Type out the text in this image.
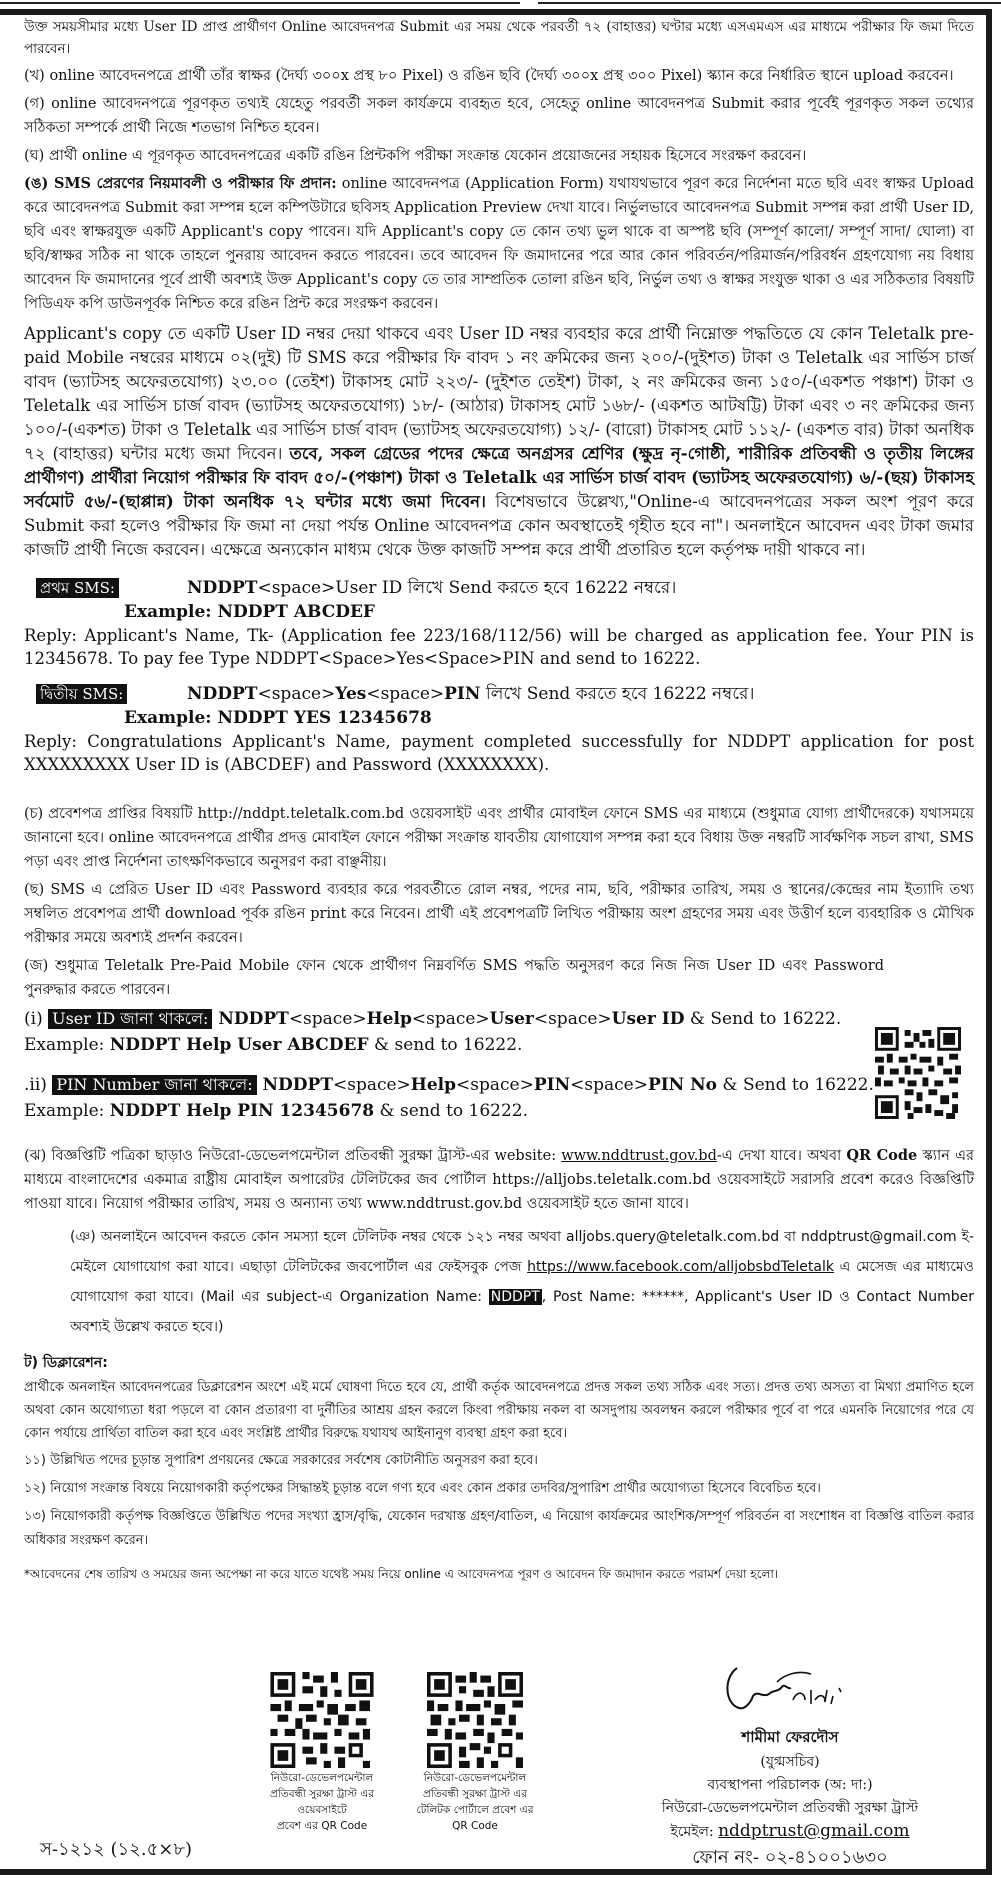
উক্ত সময়সীমার মধ্যে User ID প্রাপ্ত প্রার্থীগণ Online আবেদনপত্র Submit এর সময় থেকে পরবর্তী ৭২ (বাহাত্তর) ঘণ্টার মধ্যে এসএমএস এর মাধ্যমে পরীক্ষার ফি জমা দিতে পারবেন।

(খ) online আবেদনপত্রে প্রার্থী তাঁর স্বাক্ষর (দৈর্ঘ্য ৩০০x প্রস্থ ৮০ Pixel) ও রঙিন ছবি (দৈর্ঘ্য ৩০০x প্রস্থ ৩০০ Pixel) স্ক্যান করে নির্ধারিত স্থানে upload করবেন।

(গ) online আবেদনপত্রে পূরণকৃত তথ্যই যেহেতু পরবর্তী সকল কার্যক্রমে ব্যবহৃত হবে, সেহেতু online আবেদনপত্র Submit করার পূর্বেই পূরণকৃত সকল তথ্যের সঠিকতা সম্পর্কে প্রার্থী নিজে শতভাগ নিশ্চিত হবেন।

(ঘ) প্রার্থী online এ পূরণকৃত আবেদনপত্রের একটি রঙিন প্রিন্টকপি পরীক্ষা সংক্রান্ত যেকোন প্রয়োজনের সহায়ক হিসেবে সংরক্ষণ করবেন।

(ঙ) SMS প্রেরণের নিয়মাবলী ও পরীক্ষার ফি প্রদান: online আবেদনপত্র (Application Form) যথাযথভাবে পূরণ করে নির্দেশনা মতে ছবি এবং স্বাক্ষর Upload করে আবেদনপত্র Submit করা সম্পন্ন হলে কম্পিউটারে ছবিসহ Application Preview দেখা যাবে। নির্ভুলভাবে আবেদনপত্র Submit সম্পন্ন করা প্রার্থী User ID, ছবি এবং স্বাক্ষরযুক্ত একটি Applicant's copy পাবেন। যদি Applicant's copy তে কোন তথ্য ভুল থাকে বা অস্পষ্ট ছবি (সম্পূর্ণ কালো/ সম্পূর্ণ সাদা/ ঘোলা) বা ছবি/স্বাক্ষর সঠিক না থাকে তাহলে পুনরায় আবেদন করতে পারবেন। তবে আবেদন ফি জমাদানের পরে আর কোন পরিবর্তন/পরিমার্জন/পরিবর্ধন গ্রহণযোগ্য নয় বিধায় আবেদন ফি জমাদানের পূর্বে প্রার্থী অবশ্যই উক্ত Applicant's copy তে তার সাম্প্রতিক তোলা রঙিন ছবি, নির্ভুল তথ্য ও স্বাক্ষর সংযুক্ত থাকা ও এর সঠিকতার বিষয়টি পিডিএফ কপি ডাউনপূর্বক নিশ্চিত করে রঙিন প্রিন্ট করে সংরক্ষণ করবেন।

Applicant's copy তে একটি User ID নম্বর দেয়া থাকবে এবং User ID নম্বর ব্যবহার করে প্রার্থী নিম্নোক্ত পদ্ধতিতে যে কোন Teletalk pre-paid Mobile নম্বরের মাধ্যমে ০২(দুই) টি SMS করে পরীক্ষার ফি বাবদ ১ নং ক্রমিকের জন্য ২০০/-(দুইশত) টাকা ও Teletalk এর সার্ভিস চার্জ বাবদ (ভ্যাটসহ অফেরতযোগ্য) ২৩.০০ (তেইশ) টাকাসহ মোট ২২৩/- (দুইশত তেইশ) টাকা, ২ নং ক্রমিকের জন্য ১৫০/-(একশত পঞ্চাশ) টাকা ও Teletalk এর সার্ভিস চার্জ বাবদ (ভ্যাটসহ অফেরতযোগ্য) ১৮/- (আঠার) টাকাসহ মোট ১৬৮/- (একশত আটষট্টি) টাকা এবং ৩ নং ক্রমিকের জন্য ১০০/-(একশত) টাকা ও Teletalk এর সার্ভিস চার্জ বাবদ (ভ্যাটসহ অফেরতযোগ্য) ১২/- (বারো) টাকাসহ মোট ১১২/- (একশত বার) টাকা অনধিক ৭২ (বাহাত্তর) ঘন্টার মধ্যে জমা দিবেন। তবে, সকল গ্রেডের পদের ক্ষেত্রে অনগ্রসর শ্রেণির (ক্ষুদ্র নৃ-গোষ্ঠী, শারীরিক প্রতিবন্ধী ও তৃতীয় লিঙ্গের প্রার্থীগণ) প্রার্থীরা নিয়োগ পরীক্ষার ফি বাবদ ৫০/-(পঞ্চাশ) টাকা ও Teletalk এর সার্ভিস চার্জ বাবদ (ভ্যাটসহ অফেরতযোগ্য) ৬/-(ছয়) টাকাসহ সর্বমোট ৫৬/-(ছাপ্পান্ন) টাকা অনধিক ৭২ ঘন্টার মধ্যে জমা দিবেন। বিশেষভাবে উল্লেখ্য,"Online-এ আবেদনপত্রের সকল অংশ পূরণ করে Submit করা হলেও পরীক্ষার ফি জমা না দেয়া পর্যন্ত Online আবেদনপত্র কোন অবস্থাতেই গৃহীত হবে না"। অনলাইনে আবেদন এবং টাকা জমার কাজটি প্রার্থী নিজে করবেন। এক্ষেত্রে অন্যকোন মাধ্যম থেকে উক্ত কাজটি সম্পন্ন করে প্রার্থী প্রতারিত হলে কর্তৃপক্ষ দায়ী থাকবে না।

প্রথম SMS:	NDDPT<space>User ID লিখে Send করতে হবে 16222 নম্বরে।

Example: NDDPT ABCDEF

Reply: Applicant's Name, Tk- (Application fee 223/168/112/56) will be charged as application fee. Your PIN is 12345678. To pay fee Type NDDPT<Space>Yes<Space>PIN and send to 16222.

দ্বিতীয় SMS:	NDDPT<space>Yes<space>PIN লিখে Send করতে হবে 16222 নম্বরে।

Example: NDDPT YES 12345678

Reply: Congratulations Applicant's Name, payment completed successfully for NDDPT application for post XXXXXXXXX User ID is (ABCDEF) and Password (XXXXXXXX).

(চ) প্রবেশপত্র প্রাপ্তির বিষয়টি http://nddpt.teletalk.com.bd ওয়েবসাইট এবং প্রার্থীর মোবাইল ফোনে SMS এর মাধ্যমে (শুধুমাত্র যোগ্য প্রার্থীদেরকে) যথাসময়ে জানানো হবে। online আবেদনপত্রে প্রার্থীর প্রদত্ত মোবাইল ফোনে পরীক্ষা সংক্রান্ত যাবতীয় যোগাযোগ সম্পন্ন করা হবে বিধায় উক্ত নম্বরটি সার্বক্ষণিক সচল রাখা, SMS পড়া এবং প্রাপ্ত নির্দেশনা তাৎক্ষণিকভাবে অনুসরণ করা বাঞ্ছনীয়।

(ছ) SMS এ প্রেরিত User ID এবং Password ব্যবহার করে পরবর্তীতে রোল নম্বর, পদের নাম, ছবি, পরীক্ষার তারিখ, সময় ও স্থানের/কেন্দ্রের নাম ইত্যাদি তথ্য সম্বলিত প্রবেশপত্র প্রার্থী download পূর্বক রঙিন print করে নিবেন। প্রার্থী এই প্রবেশপত্রটি লিখিত পরীক্ষায় অংশ গ্রহণের সময় এবং উত্তীর্ণ হলে ব্যবহারিক ও মৌখিক পরীক্ষার সময়ে অবশ্যই প্রদর্শন করবেন।

(জ) শুধুমাত্র Teletalk Pre-Paid Mobile ফোন থেকে প্রার্থীগণ নিম্নবর্ণিত SMS পদ্ধতি অনুসরণ করে নিজ নিজ User ID এবং Password পুনরুদ্ধার করতে পারবেন।

(i) User ID জানা থাকলে: NDDPT<space>Help<space>User<space>User ID & Send to 16222.

Example: NDDPT Help User ABCDEF & send to 16222.

.ii) PIN Number জানা থাকলে: NDDPT<space>Help<space>PIN<space>PIN No & Send to 16222.

Example: NDDPT Help PIN 12345678 & send to 16222.

(ঝ) বিজ্ঞপ্তিটি পত্রিকা ছাড়াও নিউরো-ডেভেলপমেন্টাল প্রতিবন্ধী সুরক্ষা ট্রাস্ট-এর website: www.nddtrust.gov.bd-এ দেখা যাবে। অথবা QR Code স্ক্যান এর মাধ্যমে বাংলাদেশের একমাত্র রাষ্ট্রীয় মোবাইল অপারেটর টেলিটকের জব পোর্টাল https://alljobs.teletalk.com.bd ওয়েবসাইটে সরাসরি প্রবেশ করেও বিজ্ঞপ্তিটি পাওয়া যাবে। নিয়োগ পরীক্ষার তারিখ, সময় ও অন্যান্য তথ্য www.nddtrust.gov.bd ওয়েবসাইট হতে জানা যাবে।

(ঞ) অনলাইনে আবেদন করতে কোন সমস্যা হলে টেলিটক নম্বর থেকে ১২১ নম্বর অথবা alljobs.query@teletalk.com.bd বা nddptrust@gmail.com ই-মেইলে যোগাযোগ করা যাবে। এছাড়া টেলিটকের জবপোর্টাল এর ফেইসবুক পেজ https://www.facebook.com/alljobsbdTeletalk এ মেসেজ এর মাধ্যমেও যোগাযোগ করা যাবে। (Mail এর subject-এ Organization Name: NDDPT , Post Name: ******, Applicant's User ID ও Contact Number অবশ্যই উল্লেখ করতে হবে।)

ট) ডিক্লারেশন:

প্রার্থীকে অনলাইন আবেদনপত্রের ডিক্লারেশন অংশে এই মর্মে ঘোষণা দিতে হবে যে, প্রার্থী কর্তৃক আবেদনপত্রে প্রদত্ত সকল তথ্য সঠিক এবং সত্য। প্রদত্ত তথ্য অসত্য বা মিথ্যা প্রমাণিত হলে অথবা কোন অযোগ্যতা ধরা পড়লে বা কোন প্রতারণা বা দুর্নীতির আশ্রয় গ্রহন করলে কিংবা পরীক্ষায় নকল বা অসদুপায় অবলম্বন করলে পরীক্ষার পূর্বে বা পরে এমনকি নিয়োগের পরে যে কোন পর্যায়ে প্রার্থিতা বাতিল করা হবে এবং সংশ্লিষ্ট প্রার্থীর বিরুদ্ধে যথাযথ আইনানুগ ব্যবস্থা গ্রহণ করা হবে।

১১) উল্লিখিত পদের চূড়ান্ত সুপারিশ প্রণয়নের ক্ষেত্রে সরকারের সর্বশেষ কোটানীতি অনুসরণ করা হবে।

১২) নিয়োগ সংক্রান্ত বিষয়ে নিয়োগকারী কর্তৃপক্ষের সিদ্ধান্তই চূড়ান্ত বলে গণ্য হবে এবং কোন প্রকার তদবির/সুপারিশ প্রার্থীর অযোগ্যতা হিসেবে বিবেচিত হবে।

১৩) নিয়োগকারী কর্তৃপক্ষ বিজ্ঞপ্তিতে উল্লিখিত পদের সংখ্যা হ্রাস/বৃদ্ধি, যেকোন দরখাস্ত গ্রহণ/বাতিল, এ নিয়োগ কার্যক্রমের আংশিক/সম্পূর্ণ পরিবর্তন বা সংশোধন বা বিজ্ঞপ্তি বাতিল করার অধিকার সংরক্ষণ করেন।

*আবেদনের শেষ তারিখ ও সময়ের জন্য অপেক্ষা না করে যাতে যথেষ্ট সময় নিয়ে online এ আবেদনপত্র পূরণ ও আবেদন ফি জমাদান করতে পরামর্শ দেয়া হলো।

নিউরো-ডেভেলপমেন্টাল
প্রতিবন্ধী সুরক্ষা ট্রাস্ট এর
ওয়েবসাইটে
প্রবেশ এর QR Code
নিউরো-ডেভেলপমেন্টাল
প্রতিবন্ধী সুরক্ষা ট্রাস্ট এর
টেলিটক পোর্টালে প্রবেশ এর
QR Code
শামীমা ফেরদৌস
(যুগ্মসচিব)
ব্যবস্থাপনা পরিচালক (অ: দা:)
নিউরো-ডেভেলপমেন্টাল প্রতিবন্ধী সুরক্ষা ট্রাস্ট
ইমেইল: nddptrust@gmail.com
ফোন নং- ০২-৪১০০১৬৩০
স-১২১২ (১২.৫×৮)
